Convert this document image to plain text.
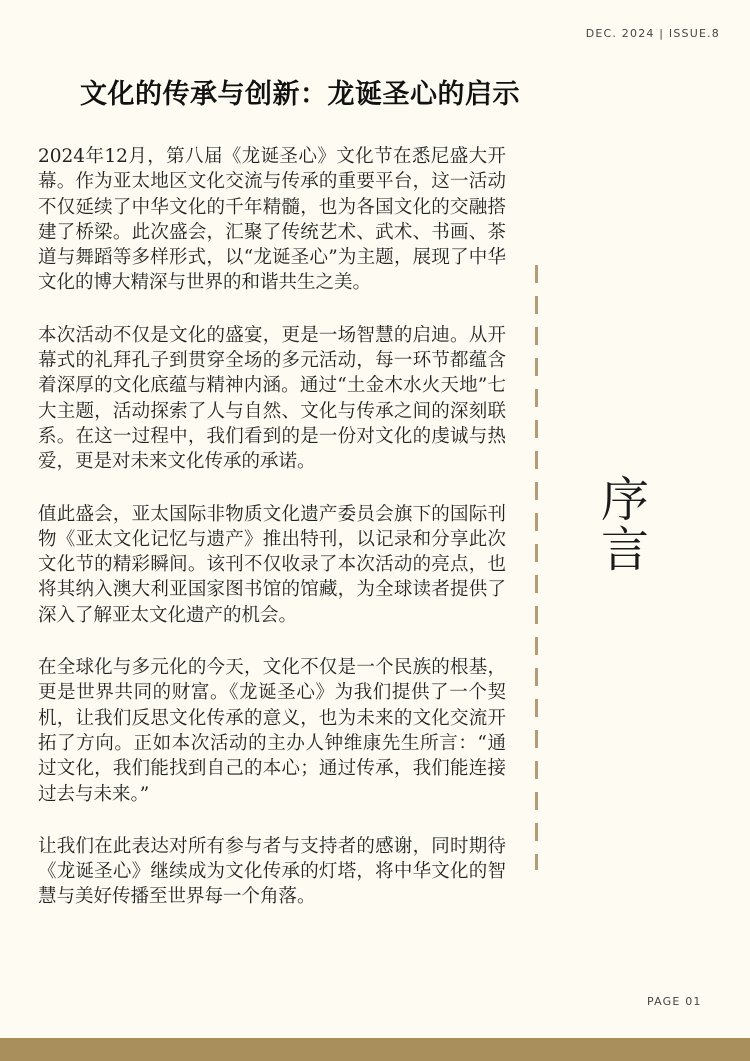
DEC. 2024 | ISSUE.8
文化的传承与创新：龙诞圣心的启示

2024年12月，第八届《龙诞圣心》文化节在悉尼盛大开幕。作为亚太地区文化交流与传承的重要平台，这一活动不仅延续了中华文化的千年精髓，也为各国文化的交融搭建了桥梁。此次盛会，汇聚了传统艺术、武术、书画、茶道与舞蹈等多样形式，以“龙诞圣心”为主题，展现了中华文化的博大精深与世界的和谐共生之美。

本次活动不仅是文化的盛宴，更是一场智慧的启迪。从开幕式的礼拜孔子到贯穿全场的多元活动，每一环节都蕴含着深厚的文化底蕴与精神内涵。通过“土金木水火天地”七大主题，活动探索了人与自然、文化与传承之间的深刻联系。在这一过程中，我们看到的是一份对文化的虔诚与热爱，更是对未来文化传承的承诺。

值此盛会，亚太国际非物质文化遗产委员会旗下的国际刊物《亚太文化记忆与遗产》推出特刊，以记录和分享此次文化节的精彩瞬间。该刊不仅收录了本次活动的亮点，也将其纳入澳大利亚国家图书馆的馆藏，为全球读者提供了深入了解亚太文化遗产的机会。

在全球化与多元化的今天，文化不仅是一个民族的根基，更是世界共同的财富。《龙诞圣心》为我们提供了一个契机，让我们反思文化传承的意义，也为未来的文化交流开拓了方向。正如本次活动的主办人钟维康先生所言：“通过文化，我们能找到自己的本心；通过传承，我们能连接过去与未来。”

让我们在此表达对所有参与者与支持者的感谢，同时期待《龙诞圣心》继续成为文化传承的灯塔，将中华文化的智慧与美好传播至世界每一个角落。

序言
PAGE 01
